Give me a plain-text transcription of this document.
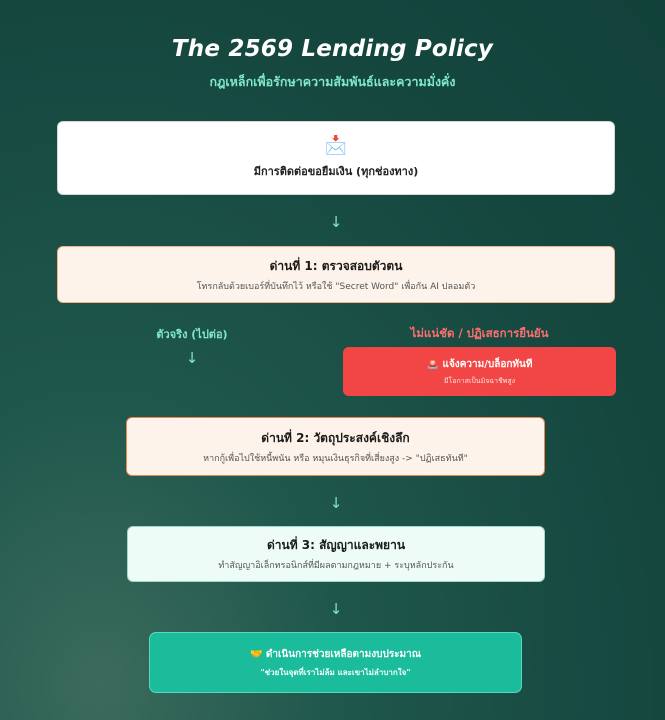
The 2569 Lending Policy
กฎเหล็กเพื่อรักษาความสัมพันธ์และความมั่งคั่ง
📩
มีการติดต่อขอยืมเงิน (ทุกช่องทาง)
↓
ด่านที่ 1: ตรวจสอบตัวตน
โทรกลับด้วยเบอร์ที่บันทึกไว้ หรือใช้ "Secret Word" เพื่อกัน AI ปลอมตัว
ตัวจริง (ไปต่อ)
↓
ไม่แน่ชัด / ปฏิเสธการยืนยัน
🚨 แจ้งความ/บล็อกทันที
มีโอกาสเป็นมิจฉาชีพสูง
ด่านที่ 2: วัตถุประสงค์เชิงลึก
หากกู้เพื่อไปใช้หนี้พนัน หรือ หมุนเงินธุรกิจที่เสี่ยงสูง -> "ปฏิเสธทันที"
↓
ด่านที่ 3: สัญญาและพยาน
ทำสัญญาอิเล็กทรอนิกส์ที่มีผลตามกฎหมาย + ระบุหลักประกัน
↓
🤝 ดำเนินการช่วยเหลือตามงบประมาณ
"ช่วยในจุดที่เราไม่ล้ม และเขาไม่ลำบากใจ"
